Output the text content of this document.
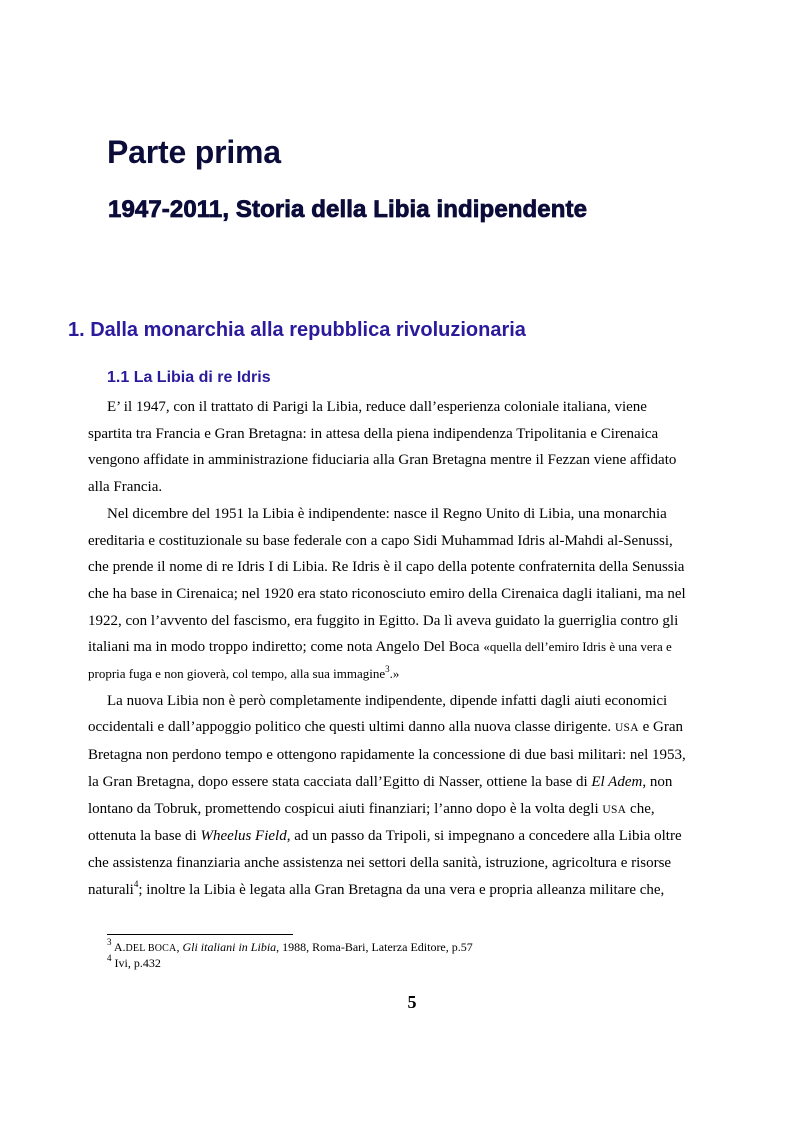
Parte prima
1947-2011, Storia della Libia indipendente
1. Dalla monarchia alla repubblica rivoluzionaria
1.1 La Libia di re Idris

E’ il 1947, con il trattato di Parigi la Libia, reduce dall’esperienza coloniale italiana, viene
spartita tra Francia e Gran Bretagna: in attesa della piena indipendenza Tripolitania e Cirenaica
vengono affidate in amministrazione fiduciaria alla Gran Bretagna mentre il Fezzan viene affidato
alla Francia.

Nel dicembre del 1951 la Libia è indipendente: nasce il Regno Unito di Libia, una monarchia
ereditaria e costituzionale su base federale con a capo Sidi Muhammad Idris al-Mahdi al-Senussi,
che prende il nome di re Idris I di Libia. Re Idris è il capo della potente confraternita della Senussia
che ha base in Cirenaica; nel 1920 era stato riconosciuto emiro della Cirenaica dagli italiani, ma nel
1922, con l’avvento del fascismo, era fuggito in Egitto. Da lì aveva guidato la guerriglia contro gli
italiani ma in modo troppo indiretto; come nota Angelo Del Boca «quella dell’emiro Idris è una vera e
propria fuga e non gioverà, col tempo, alla sua immagine$^3$.»

La nuova Libia non è però completamente indipendente, dipende infatti dagli aiuti economici
occidentali e dall’appoggio politico che questi ultimi danno alla nuova classe dirigente. USA e Gran
Bretagna non perdono tempo e ottengono rapidamente la concessione di due basi militari: nel 1953,
la Gran Bretagna, dopo essere stata cacciata dall’Egitto di Nasser, ottiene la base di El Adem, non
lontano da Tobruk, promettendo cospicui aiuti finanziari; l’anno dopo è la volta degli USA che,
ottenuta la base di Wheelus Field, ad un passo da Tripoli, si impegnano a concedere alla Libia oltre
che assistenza finanziaria anche assistenza nei settori della sanità, istruzione, agricoltura e risorse
naturali$^4$; inoltre la Libia è legata alla Gran Bretagna da una vera e propria alleanza militare che,

$^3$ A.DEL BOCA, Gli italiani in Libia, 1988, Roma-Bari, Laterza Editore, p.57
$^4$ Ivi, p.432
5
